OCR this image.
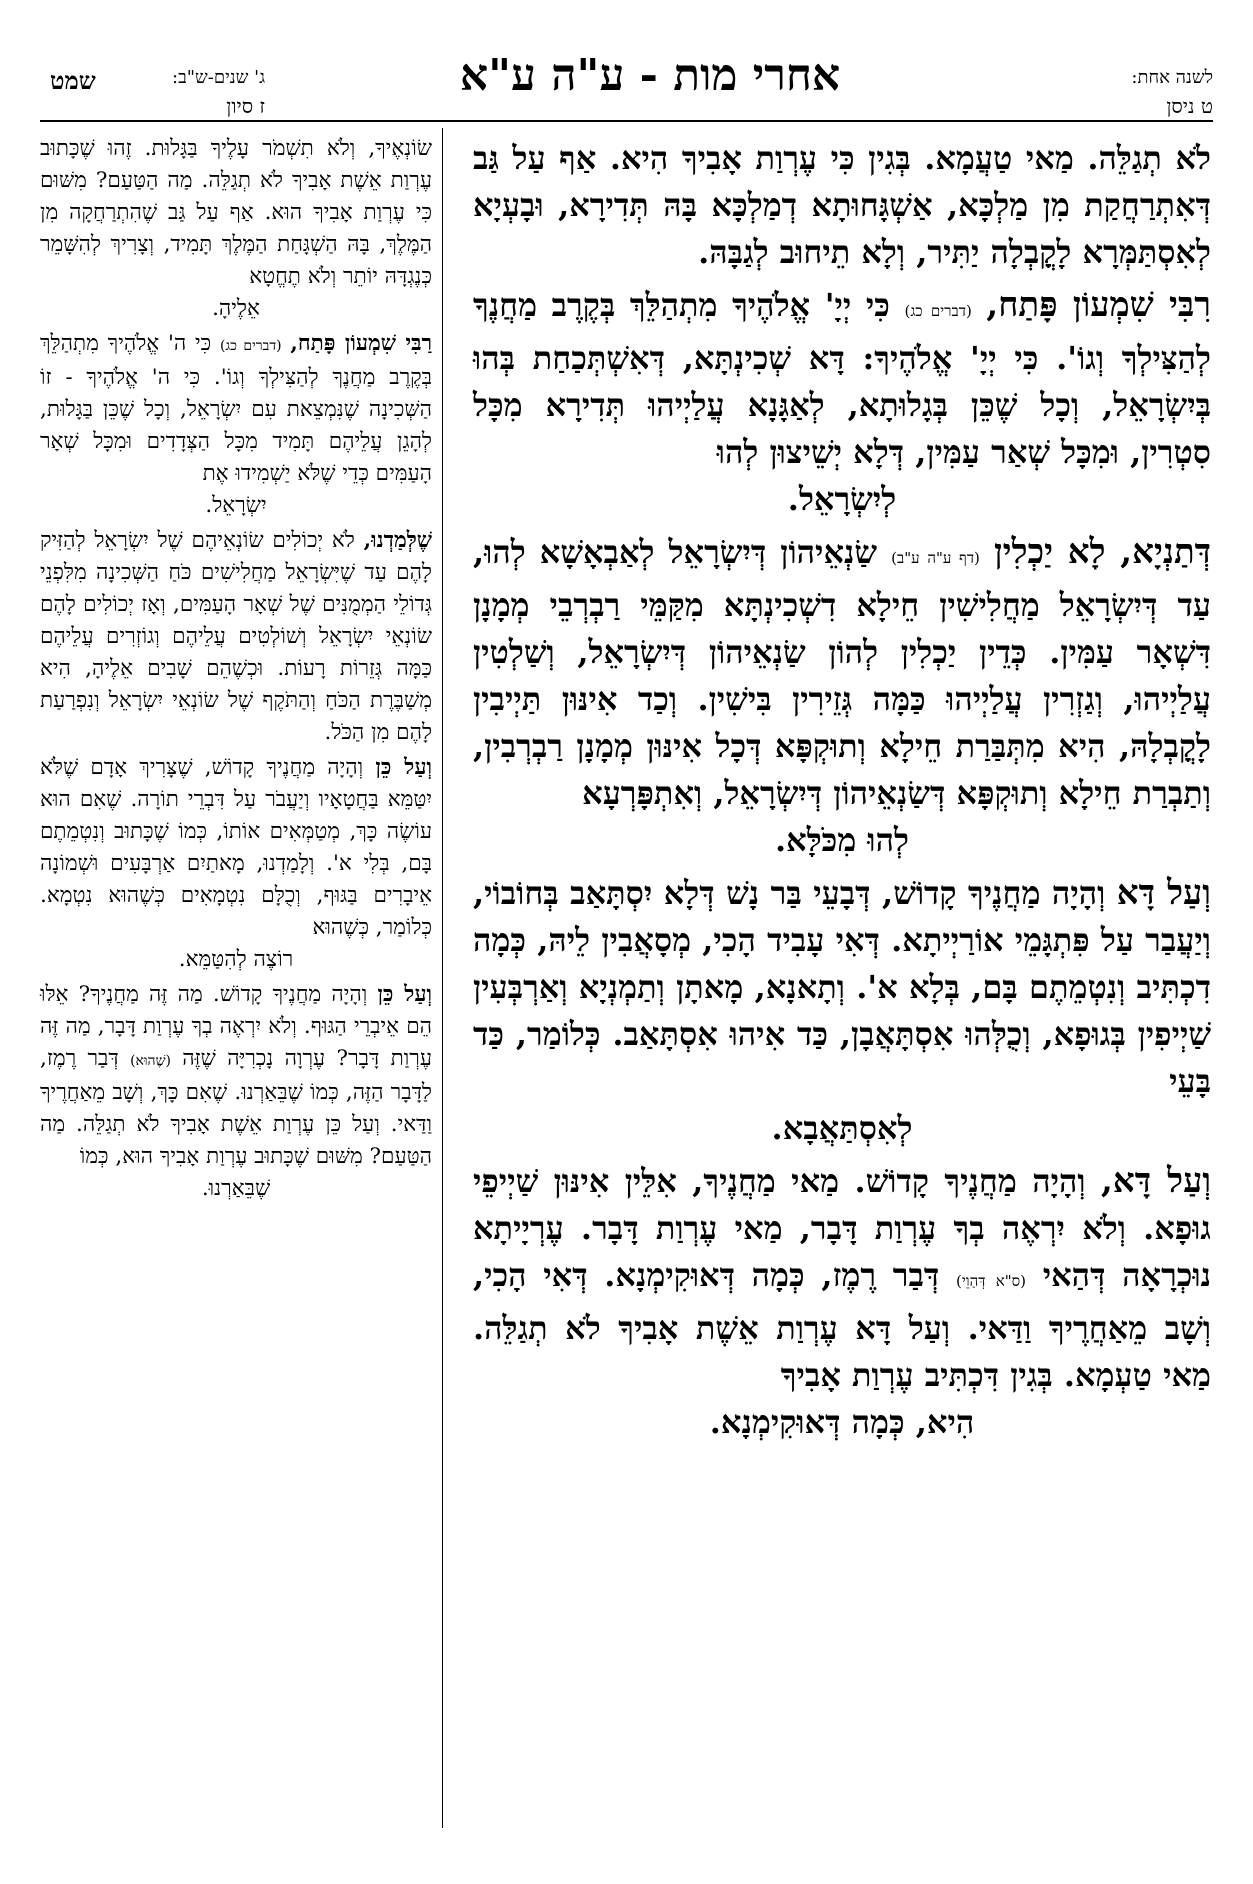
לשנה אחת:
ט ניסן
אחרי מות - ע"ה ע"א
ג' שנים-ש"ב:
ז סיון
שמט

לֹא תְגַלֵּה. מַאי טַעֲמָא. בְּגִין כִּי עֶרְוַת אָבִיךָ הִיא. אַף עַל גַּב דְּאִתְרַחֲקַת מִן מַלְכָּא, אַשְׁגָּחוּתָא דְמַלְכָּא בָּהּ תְּדִירָא, וּבָעְיָא לְאִסְתַּמְּרָא לָקֳבְלָה יַתִּיר, וְלָא תֵיחוּב לְגַבָּהּ.

רִבִּי שִׁמְעוֹן פָּתַח, (דברים כג) כִּי יְיָ' אֱלֹהֶיךָ מִתְהַלֵּךְ בְּקֶרֶב מַחֲנֶךָ לְהַצִּילְךָ וְגוֹ'. כִּי יְיָ' אֱלֹהֶיךָ: דָּא שְׁכִינְתָּא, דְּאִשְׁתְּכַחַת בְּהוּ בְּיִשְׂרָאֵל, וְכָל שֶׁכֵּן בְּגָלוּתָא, לְאַגָּנָא עֲלַיְיהוּ תְּדִירָא מִכָּל סִטְרִין, וּמִכָּל שְׁאַר עַמִּין, דְּלָא יְשֵׁיצוּן לְהוּ
לְיִשְׂרָאֵל.

דְּתַנְיָא, לָא יַכְלִין (דף ע"ה ע"ב) שַׂנְאֵיהוֹן דְּיִשְׂרָאֵל לְאַבְאָשָׁא לְהוּ, עַד דְּיִשְׂרָאֵל מַחֲלִישִׁין חֵילָא דִשְׁכִינְתָּא מִקַּמֵּי רַבְרְבֵי מְמָנָן דִּשְׁאָר עַמִּין. כְּדֵין יַכְלִין לְהוֹן שַׂנְאֵיהוֹן דְּיִשְׂרָאֵל, וְשַׁלְטִין עֲלַיְיהוּ, וְגַזְרִין עֲלַיְיהוּ כַּמָּה גְּזֵירִין בִּישִׁין. וְכַד אִינּוּן תַּיְיבִין לָקֳבְלָהּ, הִיא מִתְּבַּרַת חֵילָא וְתוּקְפָּא דְּכָל אִינּוּן מְמָנָן רַבְרְבִין, וְתַבְרַת חֵילָא וְתוּקְפָּא דְּשַׂנְאֵיהוֹן דְּיִשְׂרָאֵל, וְאִתְפָּרְעָא
לְהוּ מִכֹּלָּא.

וְעַל דָּא וְהָיָה מַחֲנֶיךָ קָדוֹשׁ, דְּבָעֵי בַּר נָשׁ דְּלָא יִסְתָּאַב בְּחוֹבוֹי, וְיַעֲבַר עַל פִּתְגָּמֵי אוֹרַיְיתָא. דְּאִי עָבִיד הָכִי, מְסָאֲבִין לֵיהּ, כְּמָה דִכְתִּיב וְנִטְמֵתֶם בָּם, בְּלָא א'. וְתָאנָא, מָאתָן וְתַמְנְיָא וְאַרְבְּעִין שַׁיְיפִין בְּגוּפָא, וְכֻלְּהוּ אִסְתָּאֲבָן, כַּד אִיהוּ אִסְתָּאַב. כְּלוֹמַר, כַּד בָּעֵי
לְאִסְתַּאֲבָא.

וְעַל דָּא, וְהָיָה מַחֲנֶיךָ קָדוֹשׁ. מַאי מַחֲנֶיךָ, אִלֵּין אִינּוּן שַׁיְיפֵי גוּפָא. וְלֹא יִרְאֶה בְךָ עֶרְוַת דָּבָר, מַאי עֶרְוַת דָּבָר. עֶרְיָיתָא נוּכְרָאָה דְּהַאי (ס"א דְּהַוֵי) דְּבַר רֶמֶז, כְּמָה דְּאוּקִימְנָא. דְּאִי הָכִי, וְשָׁב מֵאַחֲרֶיךָ וַדַּאי. וְעַל דָּא עֶרְוַת אֵשֶׁת אָבִיךָ לֹא תְגַלֵּה. מַאי טַעְמָא. בְּגִין דִּכְתִּיב עֶרְוַת אָבִיךָ
הִיא, כְּמָה דְּאוּקִימְנָא.

שׂוֹנְאֶיךָ, וְלֹא תִשְׁמֹר עָלֶיךָ בַּגָּלוּת. זֶהוּ שֶׁכָּתוּב עֶרְוַת אֵשֶׁת אָבִיךָ לֹא תְגַלֵּה. מַה הַטַּעַם? מִשּׁוּם כִּי עֶרְוַת אָבִיךָ הוּא. אַף עַל גַּב שֶׁהִתְרַחֲקָה מִן הַמֶּלֶךְ, בָּהּ הַשְׁגָּחַת הַמֶּלֶךְ תָּמִיד, וְצָרִיךְ לְהִשָּׁמֵר כְּנֶגְדָּהּ יוֹתֵר וְלֹא תֶחֱטָא
אֵלֶיהָ.

רַבִּי שִׁמְעוֹן פָּתַח, (דברים כג) כִּי ה' אֱלֹהֶיךָ מִתְהַלֵּךְ בְּקֶרֶב מַחֲנֶךָ לְהַצִּילְךָ וְגוֹ'. כִּי ה' אֱלֹהֶיךָ - זוֹ הַשְּׁכִינָה שֶׁנִּמְצֵאת עִם יִשְׂרָאֵל, וְכָל שֶׁכֵּן בַּגָּלוּת, לְהָגֵן עֲלֵיהֶם תָּמִיד מִכָּל הַצְּדָדִים וּמִכָּל שְׁאָר הָעַמִּים כְּדֵי שֶׁלֹּא יַשְׁמִידוּ אֶת
יִשְׂרָאֵל.

שֶׁלְּמַדְנוּ, לֹא יְכוֹלִים שׂוֹנְאֵיהֶם שֶׁל יִשְׂרָאֵל לְהַזִּיק לָהֶם עַד שֶׁיִּשְׂרָאֵל מַחֲלִישִׁים כֹּחַ הַשְּׁכִינָה מִלִּפְנֵי גְּדוֹלֵי הַמְמֻנִּים שֶׁל שְׁאָר הָעַמִּים, וְאָז יְכוֹלִים לָהֶם שׂוֹנְאֵי יִשְׂרָאֵל וְשׁוֹלְטִים עֲלֵיהֶם וְגוֹזְרִים עֲלֵיהֶם כַּמָּה גְּזֵרוֹת רָעוֹת. וּכְשֶׁהֵם שָׁבִים אֵלֶיהָ, הִיא מְשַׁבֶּרֶת הַכֹּחַ וְהַתֹּקֶף שֶׁל שׂוֹנְאֵי יִשְׂרָאֵל וְנִפְרַעַת לָהֶם מִן הַכֹּל.

וְעַל כֵּן וְהָיָה מַחֲנֶיךָ קָדוֹשׁ, שֶׁצָּרִיךְ אָדָם שֶׁלֹּא יִטַּמֵּא בַּחֲטָאָיו וְיַעֲבֹר עַל דִּבְרֵי תוֹרָה. שֶׁאִם הוּא עוֹשֶׂה כָּךְ, מְטַמְּאִים אוֹתוֹ, כְּמוֹ שֶׁכָּתוּב וְנִטְמֵתֶם בָּם, בְּלִי א'. וְלָמַדְנוּ, מָאתַיִם אַרְבָּעִים וּשְׁמוֹנָה אֵיבָרִים בַּגּוּף, וְכֻלָּם נִטְמָאִים כְּשֶׁהוּא נִטְמָא. כְּלוֹמַר, כְּשֶׁהוּא
רוֹצֶה לְהִטַּמֵּא.

וְעַל כֵּן וְהָיָה מַחֲנֶיךָ קָדוֹשׁ. מַה זֶּה מַחֲנֶיךָ? אֵלּוּ הֵם אֵיבְרֵי הַגּוּף. וְלֹא יִרְאֶה בְךָ עֶרְוַת דָּבָר, מַה זֶּה עֶרְוַת דָּבָר? עֶרְוָה נָכְרִיָּה שֶׁזֶּה (שֶׁהוּא) דְּבַר רֶמֶז, לַדָּבָר הַזֶּה, כְּמוֹ שֶׁבֵּאַרְנוּ. שֶׁאִם כָּךְ, וְשָׁב מֵאַחֲרֶיךָ וַדַּאי. וְעַל כֵּן עֶרְוַת אֵשֶׁת אָבִיךָ לֹא תְגַלֵּה. מַה הַטַּעַם? מִשּׁוּם שֶׁכָּתוּב עֶרְוַת אָבִיךָ הוּא, כְּמוֹ
שֶׁבֵּאַרְנוּ.
